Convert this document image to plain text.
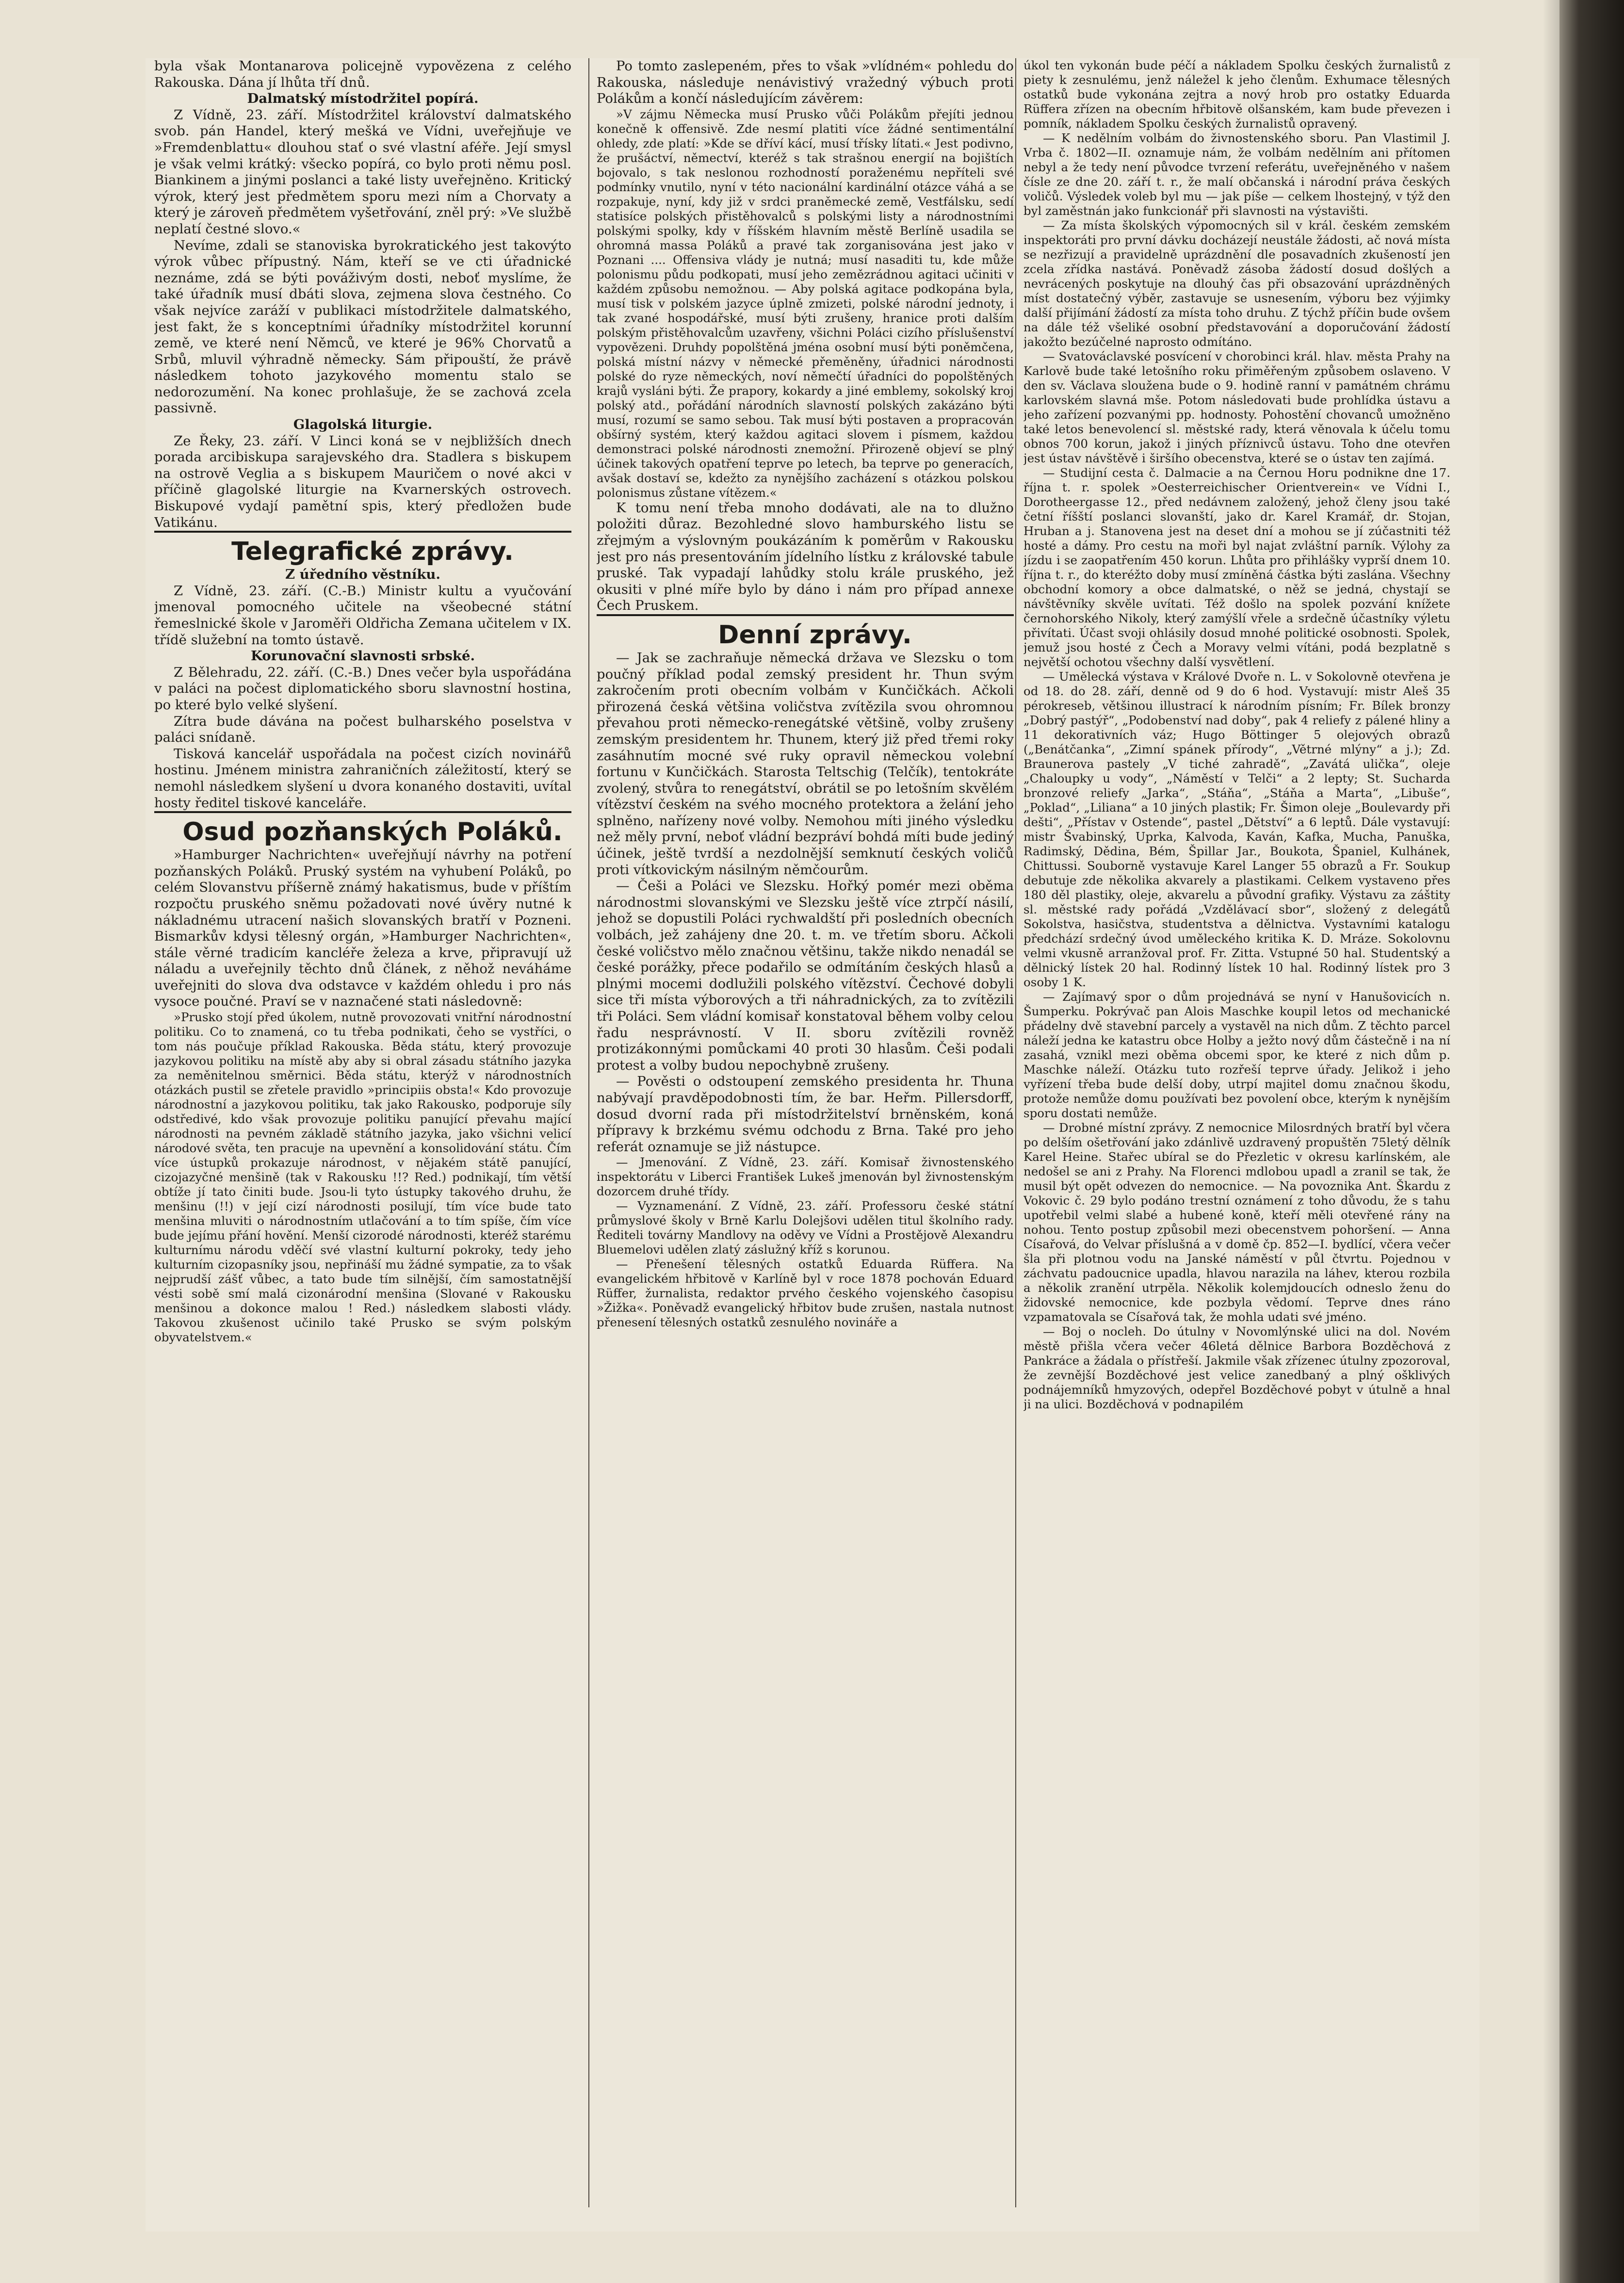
byla však Montanarova policejně vypovězena z celého Rakouska. Dána jí lhůta tří dnů.

Dalmatský místodržitel popírá.

Z Vídně, 23. září. Místodržitel království dalmatského svob. pán Handel, který mešká ve Vídni, uveřejňuje ve »Fremdenblattu« dlouhou stať o své vlastní aféře. Její smysl je však velmi krátký: všecko popírá, co bylo proti němu posl. Biankinem a jinými poslanci a také listy uveřejněno. Kritický výrok, který jest předmětem sporu mezi ním a Chorvaty a který je zároveň předmětem vyšetřování, zněl prý: »Ve službě neplatí čestné slovo.«

Nevíme, zdali se stanoviska byrokratického jest takovýto výrok vůbec přípustný. Nám, kteří se ve cti úřadnické neznáme, zdá se býti pováživým dosti, neboť myslíme, že také úřadník musí dbáti slova, zejmena slova čestného. Co však nejvíce zaráží v publikaci místodržitele dalmatského, jest fakt, že s konceptními úřadníky místodržitel korunní země, ve které není Němců, ve které je 96% Chorvatů a Srbů, mluvil výhradně německy. Sám připouští, že právě následkem tohoto jazykového momentu stalo se nedorozumění. Na konec prohlašuje, že se zachová zcela passivně.

Glagolská liturgie.

Ze Řeky, 23. září. V Linci koná se v nejbližších dnech porada arcibiskupa sarajevského dra. Stadlera s biskupem na ostrově Veglia a s biskupem Mauričem o nové akci v příčině glagolské liturgie na Kvarnerských ostrovech. Biskupové vydají pamětní spis, který předložen bude Vatikánu.

Telegrafické zprávy.

Z úředního věstníku.

Z Vídně, 23. září. (C.-B.) Ministr kultu a vyučování jmenoval pomocného učitele na všeobecné státní řemeslnické škole v Jaroměři Oldřicha Zemana učitelem v IX. třídě služební na tomto ústavě.

Korunovační slavnosti srbské.

Z Bělehradu, 22. září. (C.-B.) Dnes večer byla uspořádána v paláci na počest diplomatického sboru slavnostní hostina, po které bylo velké slyšení.

Zítra bude dávána na počest bulharského poselstva v paláci snídaně.

Tisková kancelář uspořádala na počest cizích novinářů hostinu. Jménem ministra zahraničních záležitostí, který se nemohl následkem slyšení u dvora konaného dostaviti, uvítal hosty ředitel tiskové kanceláře.

Osud pozňanských Poláků.

»Hamburger Nachrichten« uveřejňují návrhy na potření pozňanských Poláků. Pruský systém na vyhubení Poláků, po celém Slovanstvu příšerně známý hakatismus, bude v příštím rozpočtu pruského sněmu požadovati nové úvěry nutné k nákladnému utracení našich slovanských bratří v Pozneni. Bismarkův kdysi tělesný orgán, »Hamburger Nachrichten«, stále věrné tradicím kancléře železa a krve, připravují už náladu a uveřejnily těchto dnů článek, z něhož neváháme uveřejniti do slova dva odstavce v každém ohledu i pro nás vysoce poučné. Praví se v naznačené stati následovně:

»Prusko stojí před úkolem, nutně provozovati vnitřní národnostní politiku. Co to znamená, co tu třeba podnikati, čeho se vystříci, o tom nás poučuje příklad Rakouska. Běda státu, který provozuje jazykovou politiku na místě aby aby si obral zásadu státního jazyka za neměnitelnou směrnici. Běda státu, kterýž v národnostních otázkách pustil se zřetele pravidlo »principiis obsta!« Kdo provozuje národnostní a jazykovou politiku, tak jako Rakousko, podporuje síly odstředivé, kdo však provozuje politiku panující převahu mající národnosti na pevném základě státního jazyka, jako všichni velicí národové světa, ten pracuje na upevnění a konsolidování státu. Čím více ústupků prokazuje národnost, v nějakém státě panující, cizojazyčné menšině (tak v Rakousku !!? Red.) podnikají, tím větší obtíže jí tato činiti bude. Jsou-li tyto ústupky takového druhu, že menšinu (!!) v její cizí národnosti posilují, tím více bude tato menšina mluviti o národnostním utlačování a to tím spíše, čím více bude jejímu přání hovění. Menší cizorodé národnosti, kteréž starému kulturnímu národu vděčí své vlastní kulturní pokroky, tedy jeho kulturním cizopasníky jsou, nepřináší mu žádné sympatie, za to však nejprudší zášť vůbec, a tato bude tím silnější, čím samostatnější vésti sobě smí malá cizonárodní menšina (Slované v Rakousku menšinou a dokonce malou ! Red.) následkem slabosti vlády. Takovou zkušenost učinilo také Prusko se svým polským obyvatelstvem.«

Po tomto zaslepeném, přes to však »vlídném« pohledu do Rakouska, následuje nenávistivý vražedný výbuch proti Polákům a končí následujícím závěrem:

»V zájmu Německa musí Prusko vůči Polákům přejíti jednou konečně k offensivě. Zde nesmí platiti více žádné sentimentální ohledy, zde platí: »Kde se dříví kácí, musí třísky lítati.« Jest podivno, že prušáctví, němectví, kteréž s tak strašnou energií na bojištích bojovalo, s tak neslonou rozhodností poraženému nepříteli své podmínky vnutilo, nyní v této nacionální kardinální otázce váhá a se rozpakuje, nyní, kdy již v srdci praněmecké země, Vestfálsku, sedí statisíce polských přistěhovalců s polskými listy a národnostními polskými spolky, kdy v říšském hlavním městě Berlíně usadila se ohromná massa Poláků a pravé tak zorganisována jest jako v Poznani .... Offensiva vlády je nutná; musí nasaditi tu, kde může polonismu půdu podkopati, musí jeho zemězrádnou agitaci učiniti v každém způsobu nemožnou. — Aby polská agitace podkopána byla, musí tisk v polském jazyce úplně zmizeti, polské národní jednoty, i tak zvané hospodářské, musí býti zrušeny, hranice proti dalším polským přistěhovalcům uzavřeny, všichni Poláci cizího příslušenství vypovězeni. Druhdy popolštěná jména osobní musí býti poněmčena, polská místní názvy v německé přeměněny, úřadnici národnosti polské do ryze německých, noví němečtí úřadníci do popolštěných krajů vysláni býti. Že prapory, kokardy a jiné emblemy, sokolský kroj polský atd., pořádání národních slavností polských zakázáno býti musí, rozumí se samo sebou. Tak musí býti postaven a propracován obšírný systém, který každou agitaci slovem i písmem, každou demonstraci polské národnosti znemožní. Přirozeně objeví se plný účinek takových opatření teprve po letech, ba teprve po generacích, avšak dostaví se, kdežto za nynějšího zacházení s otázkou polskou polonismus zůstane vítězem.«

K tomu není třeba mnoho dodávati, ale na to dlužno položiti důraz. Bezohledné slovo hamburského listu se zřejmým a výslovným poukázáním k poměrům v Rakousku jest pro nás presentováním jídelního lístku z královské tabule pruské. Tak vypadají lahůdky stolu krále pruského, jež okusiti v plné míře bylo by dáno i nám pro případ annexe Čech Pruskem.

Denní zprávy.

— Jak se zachraňuje německá država ve Slezsku o tom poučný příklad podal zemský president hr. Thun svým zakročením proti obecním volbám v Kunčičkách. Ačkoli přirozená česká většina voličstva zvítězila svou ohromnou převahou proti německo-renegátské většině, volby zrušeny zemským presidentem hr. Thunem, který již před třemi roky zasáhnutím mocné své ruky opravil německou volební fortunu v Kunčičkách. Starosta Teltschig (Telčík), tentokráte zvolený, stvůra to renegátství, obrátil se po letošním skvělém vítězství českém na svého mocného protektora a želání jeho splněno, nařízeny nové volby. Nemohou míti jiného výsledku než měly první, neboť vládní bezpráví bohdá míti bude jediný účinek, ještě tvrdší a nezdolnější semknutí českých voličů proti vítkovickým násilným němčourům.

— Češi a Poláci ve Slezsku. Hořký pomér mezi oběma národnostmi slovanskými ve Slezsku ještě více ztrpčí násilí, jehož se dopustili Poláci rychwaldští při posledních obecních volbách, jež zahájeny dne 20. t. m. ve třetím sboru. Ačkoli české voličstvo mělo značnou většinu, takže nikdo nenadál se české porážky, přece podařilo se odmítáním českých hlasů a plnými mocemi dodlužili polského vítězství. Čechové dobyli sice tři místa výborových a tři náhradnických, za to zvítězili tři Poláci. Sem vládní komisař konstatoval během volby celou řadu nesprávností. V II. sboru zvítězili rovněž protizákonnými pomůckami 40 proti 30 hlasům. Češi podali protest a volby budou nepochybně zrušeny.

— Pověsti o odstoupení zemského presidenta hr. Thuna nabývají pravděpodobnosti tím, že bar. Heřm. Pillersdorff, dosud dvorní rada při místodržitelství brněnském, koná přípravy k brzkému svému odchodu z Brna. Také pro jeho referát oznamuje se již nástupce.

— Jmenování. Z Vídně, 23. září. Komisař živnostenského inspektorátu v Liberci František Lukeš jmenován byl živnostenským dozorcem druhé třídy.

— Vyznamenání. Z Vídně, 23. září. Professoru české státní průmyslové školy v Brně Karlu Dolejšovi udělen titul školního rady. Řediteli továrny Mandlovy na oděvy ve Vídni a Prostějově Alexandru Bluemelovi udělen zlatý záslužný kříž s korunou.

— Přenešení tělesných ostatků Eduarda Rüffera. Na evangelickém hřbitově v Karlíně byl v roce 1878 pochován Eduard Rüffer, žurnalista, redaktor prvého českého vojenského časopisu »Žižka«. Poněvadž evangelický hřbitov bude zrušen, nastala nutnost přenesení tělesných ostatků zesnulého novináře a

úkol ten vykonán bude péčí a nákladem Spolku českých žurnalistů z piety k zesnulému, jenž náležel k jeho členům. Exhumace tělesných ostatků bude vykonána zejtra a nový hrob pro ostatky Eduarda Rüffera zřízen na obecním hřbitově olšanském, kam bude převezen i pomník, nákladem Spolku českých žurnalistů opravený.

— K nedělním volbám do živnostenského sboru. Pan Vlastimil J. Vrba č. 1802—II. oznamuje nám, že volbám nedělním ani přítomen nebyl a že tedy není původce tvrzení referátu, uveřejněného v našem čísle ze dne 20. září t. r., že malí občanská i národní práva českých voličů. Výsledek voleb byl mu — jak píše — celkem lhostejný, v týž den byl zaměstnán jako funkcionář při slavnosti na výstavišti.

— Za místa školských výpomocných sil v král. českém zemském inspektoráti pro první dávku docházejí neustále žádosti, ač nová místa se nezřizují a pravidelně uprázdnění dle posavadních zkušeností jen zcela zřídka nastává. Poněvadž zásoba žádostí dosud došlých a nevrácených poskytuje na dlouhý čas při obsazování uprázdněných míst dostatečný výběr, zastavuje se usnesením, výboru bez výjimky další přijímání žádostí za místa toho druhu. Z týchž příčin bude ovšem na dále též všeliké osobní představování a doporučování žádostí jakožto bezúčelné naprosto odmítáno.

— Svatováclavské posvícení v chorobinci král. hlav. města Prahy na Karlově bude také letošního roku přiměřeným způsobem oslaveno. V den sv. Václava sloužena bude o 9. hodině ranní v památném chrámu karlovském slavná mše. Potom následovati bude prohlídka ústavu a jeho zařízení pozvanými pp. hodnosty. Pohostění chovanců umožněno také letos benevolencí sl. městské rady, která věnovala k účelu tomu obnos 700 korun, jakož i jiných příznivců ústavu. Toho dne otevřen jest ústav návštěvě i širšího obecenstva, které se o ústav ten zajímá.

— Studijní cesta č. Dalmacie a na Černou Horu podnikne dne 17. října t. r. spolek »Oesterreichischer Orientverein« ve Vídni I., Dorotheergasse 12., před nedávnem založený, jehož členy jsou také četní říšští poslanci slovanští, jako dr. Karel Kramář, dr. Stojan, Hruban a j. Stanovena jest na deset dní a mohou se jí zúčastniti též hosté a dámy. Pro cestu na moři byl najat zvláštní parník. Výlohy za jízdu i se zaopatřením 450 korun. Lhůta pro přihlášky vyprší dnem 10. října t. r., do kteréžto doby musí zmíněná částka býti zaslána. Všechny obchodní komory a obce dalmatské, o něž se jedná, chystají se návštěvníky skvěle uvítati. Též došlo na spolek pozvání knížete černohorského Nikoly, který zamýšlí vřele a srdečně účastníky výletu přivítati. Účast svoji ohlásily dosud mnohé politické osobnosti. Spolek, jemuž jsou hosté z Čech a Moravy velmi vítáni, podá bezplatně s největší ochotou všechny další vysvětlení.

— Umělecká výstava v Králové Dvoře n. L. v Sokolovně otevřena je od 18. do 28. září, denně od 9 do 6 hod. Vystavují: mistr Aleš 35 pérokreseb, většinou illustrací k národním písním; Fr. Bílek bronzy „Dobrý pastýř“, „Podobenství nad doby“, pak 4 reliefy z pálené hliny a 11 dekorativních váz; Hugo Böttinger 5 olejových obrazů („Benátčanka“, „Zimní spánek přírody“, „Větrné mlýny“ a j.); Zd. Braunerova pastely „V tiché zahradě“, „Zavátá ulička“, oleje „Chaloupky u vody“, „Náměstí v Telči“ a 2 lepty; St. Sucharda bronzové reliefy „Jarka“, „Stáňa“, „Stáňa a Marta“, „Libuše“, „Poklad“, „Liliana“ a 10 jiných plastik; Fr. Šimon oleje „Boulevardy při dešti“, „Přístav v Ostende“, pastel „Dětství“ a 6 leptů. Dále vystavují: mistr Švabinský, Uprka, Kalvoda, Kaván, Kafka, Mucha, Panuška, Radimský, Dědina, Bém, Špillar Jar., Boukota, Španiel, Kulhánek, Chittussi. Souborně vystavuje Karel Langer 55 obrazů a Fr. Soukup debutuje zde několika akvarely a plastikami. Celkem vystaveno přes 180 děl plastiky, oleje, akvarelu a původní grafiky. Výstavu za záštity sl. městské rady pořádá „Vzdělávací sbor“, složený z delegátů Sokolstva, hasičstva, studentstva a dělnictva. Vystavními katalogu předchází srdečný úvod uměleckého kritika K. D. Mráze. Sokolovnu velmi vkusně arranžoval prof. Fr. Zitta. Vstupné 50 hal. Studentský a dělnický lístek 20 hal. Rodinný lístek 10 hal. Rodinný lístek pro 3 osoby 1 K.

— Zajímavý spor o dům projednává se nyní v Hanušovicích n. Šumperku. Pokrývač pan Alois Maschke koupil letos od mechanické přádelny dvě stavební parcely a vystavěl na nich dům. Z těchto parcel náleží jedna ke katastru obce Holby a ježto nový dům částečně i na ní zasahá, vznikl mezi oběma obcemi spor, ke které z nich dům p. Maschke náleží. Otázku tuto rozřeší teprve úřady. Jelikož i jeho vyřízení třeba bude delší doby, utrpí majitel domu značnou škodu, protože nemůže domu používati bez povolení obce, kterým k nynějším sporu dostati nemůže.

— Drobné místní zprávy. Z nemocnice Milosrdných bratří byl včera po delším ošetřování jako zdánlivě uzdravený propuštěn 75letý dělník Karel Heine. Stařec ubíral se do Přezletic v okresu karlínském, ale nedošel se ani z Prahy. Na Florenci mdlobou upadl a zranil se tak, že musil být opět odvezen do nemocnice. — Na povoznika Ant. Škardu z Vokovic č. 29 bylo podáno trestní oznámení z toho důvodu, že s tahu upotřebil velmi slabé a hubené koně, kteří měli otevřené rány na nohou. Tento postup způsobil mezi obecenstvem pohoršení. — Anna Císařová, do Velvar příslušná a v domě čp. 852—I. bydlící, včera večer šla při plotnou vodu na Janské náměstí v půl čtvrtu. Pojednou v záchvatu padoucnice upadla, hlavou narazila na láhev, kterou rozbila a několik zranění utrpěla. Několik kolemjdoucích odneslo ženu do židovské nemocnice, kde pozbyla vědomí. Teprve dnes ráno vzpamatovala se Císařová tak, že mohla udati své jméno.

— Boj o nocleh. Do útulny v Novomlýnské ulici na dol. Novém městě přišla včera večer 46letá dělnice Barbora Bozděchová z Pankráce a žádala o přístřeší. Jakmile však zřízenec útulny zpozoroval, že zevnější Bozděchové jest velice zanedbaný a plný ošklivých podnájemníků hmyzových, odepřel Bozděchové pobyt v útulně a hnal ji na ulici. Bozděchová v podnapilém
